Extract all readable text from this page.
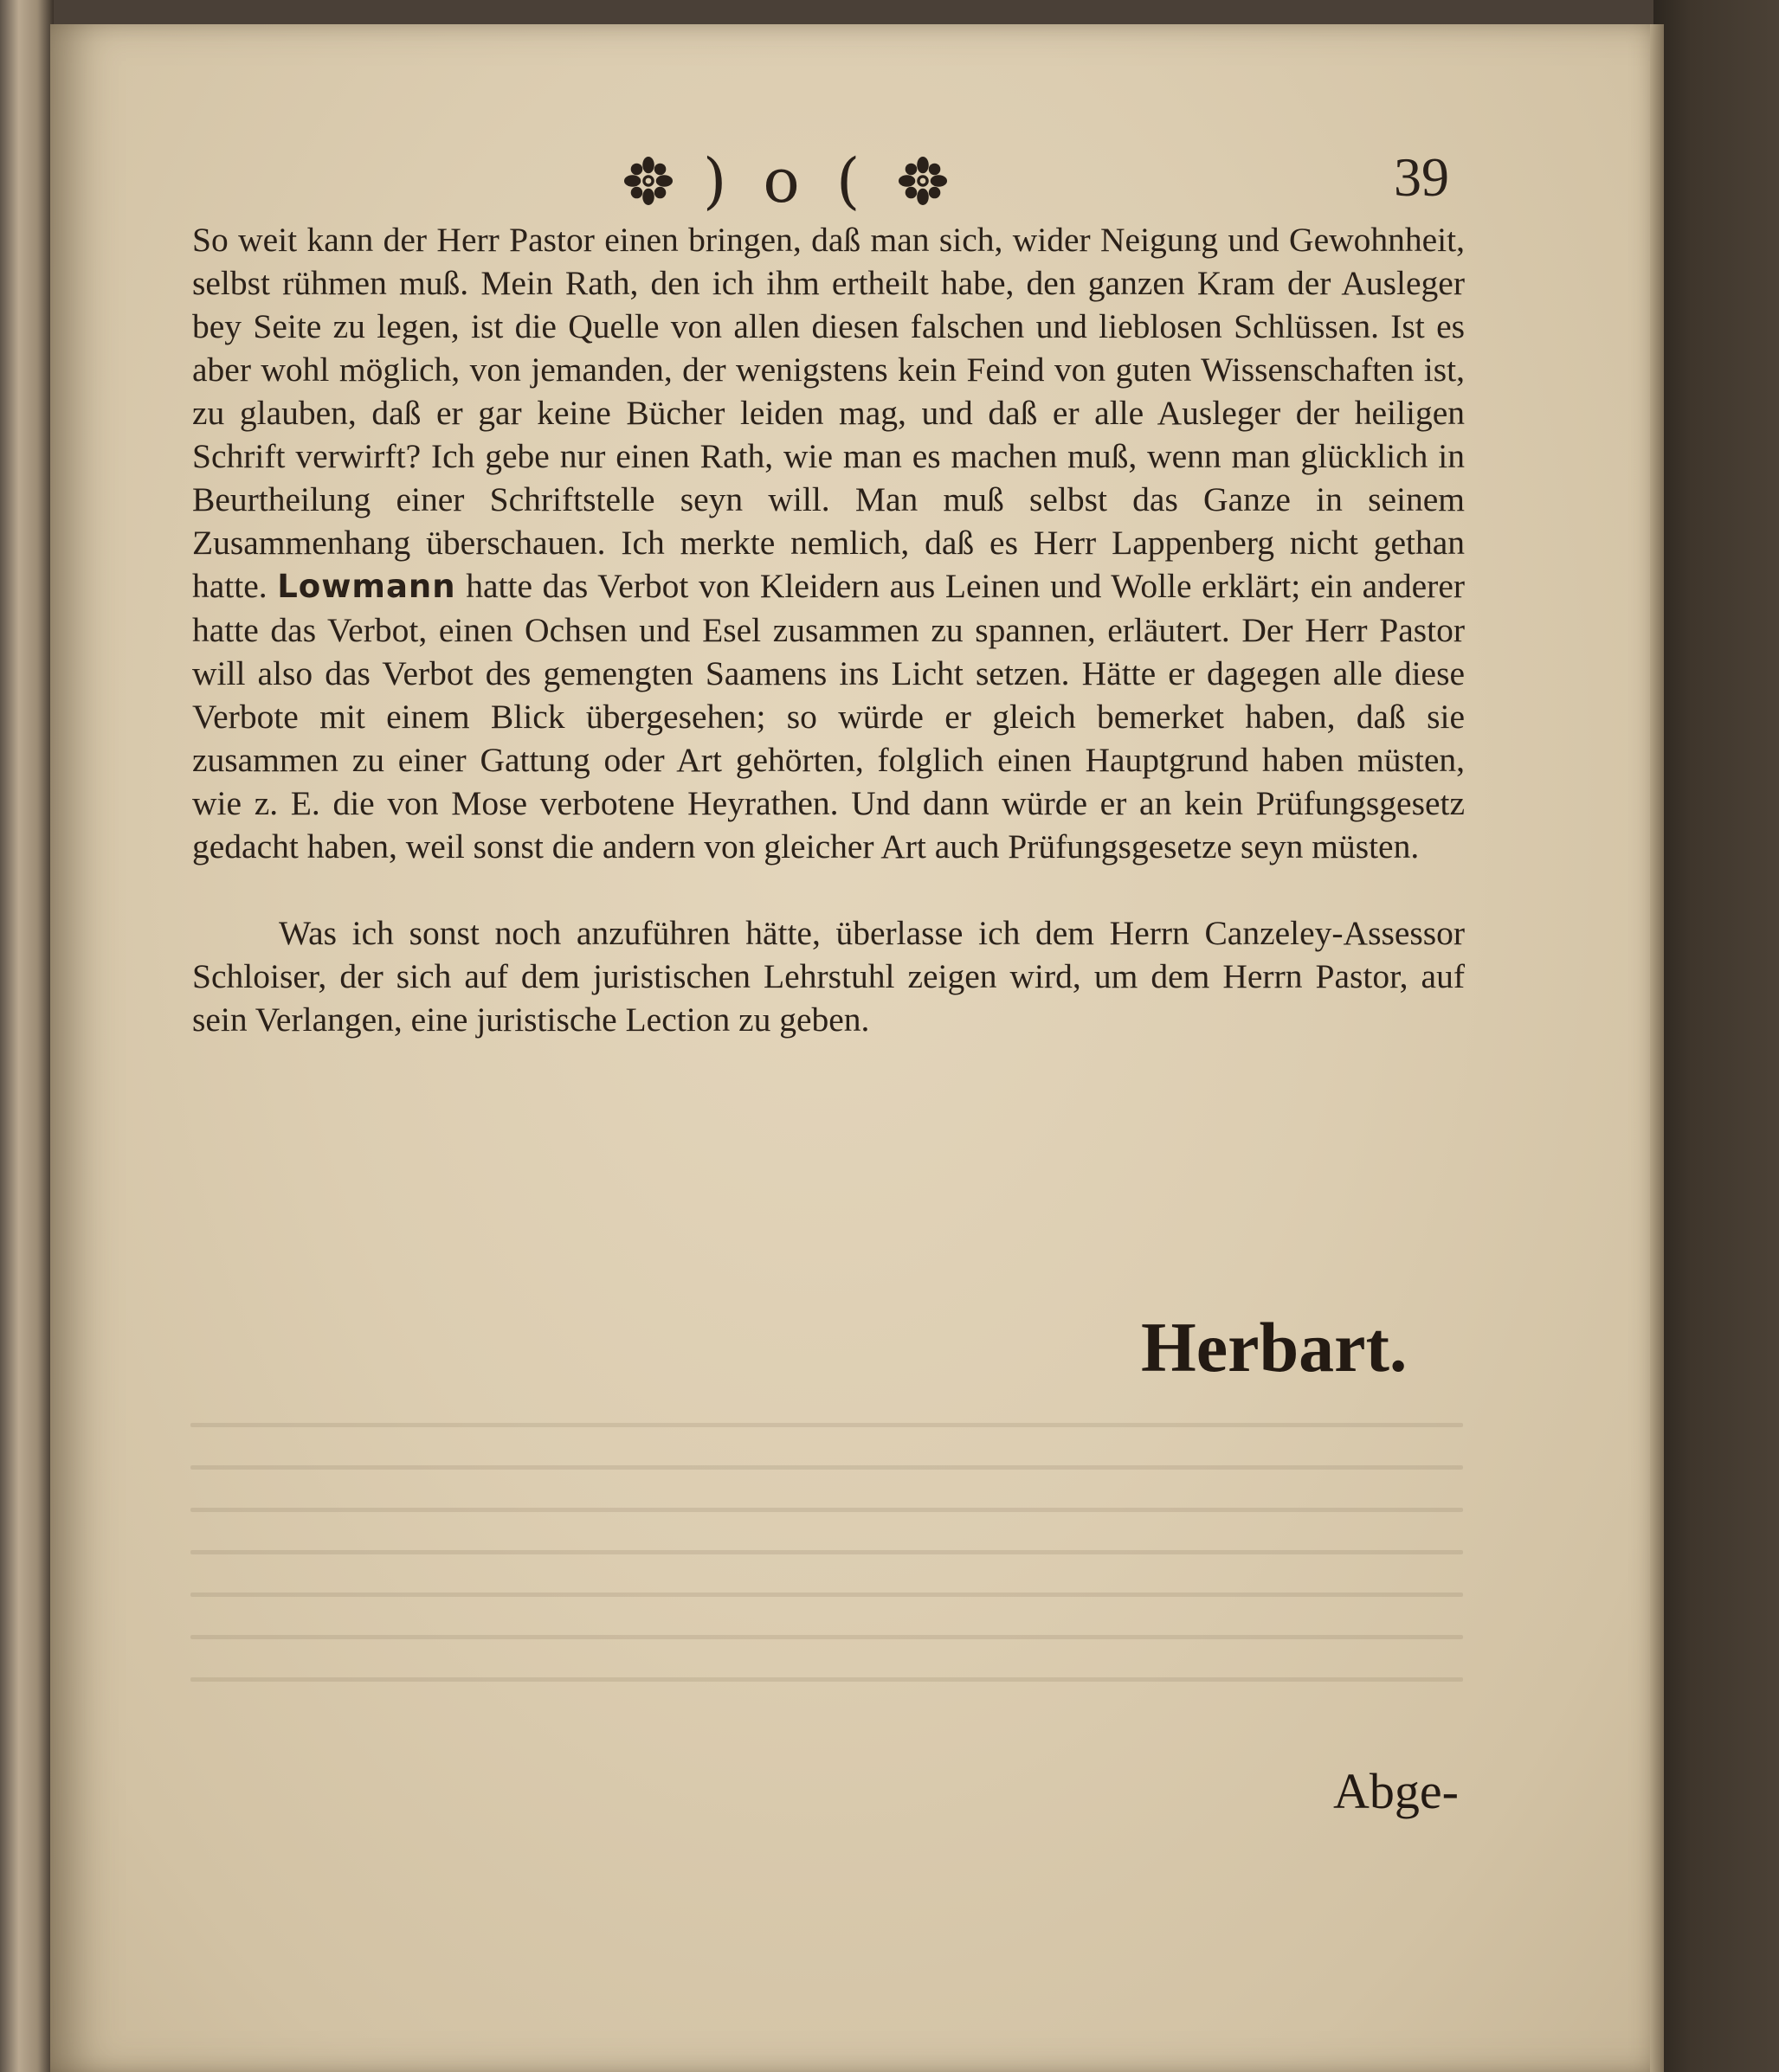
) o (	39

So weit kann der Herr Pastor einen bringen, daß man sich, wider Neigung und Gewohnheit, selbst rühmen muß. Mein Rath, den ich ihm ertheilt habe, den ganzen Kram der Ausleger bey Seite zu legen, ist die Quelle von allen diesen falschen und lieblosen Schlüssen. Ist es aber wohl möglich, von jemanden, der wenigstens kein Feind von guten Wissenschaften ist, zu glauben, daß er gar keine Bücher leiden mag, und daß er alle Ausleger der heiligen Schrift verwirft? Ich gebe nur einen Rath, wie man es machen muß, wenn man glücklich in Beurtheilung einer Schriftstelle seyn will. Man muß selbst das Ganze in seinem Zusammenhang überschauen. Ich merkte nemlich, daß es Herr Lappenberg nicht gethan hatte. Lowmann hatte das Verbot von Kleidern aus Leinen und Wolle erklärt; ein anderer hatte das Verbot, einen Ochsen und Esel zusammen zu spannen, erläutert. Der Herr Pastor will also das Verbot des gemengten Saamens ins Licht setzen. Hätte er dagegen alle diese Verbote mit einem Blick übergesehen; so würde er gleich bemerket haben, daß sie zusammen zu einer Gattung oder Art gehörten, folglich einen Hauptgrund haben müsten, wie z. E. die von Mose verbotene Heyrathen. Und dann würde er an kein Prüfungsgesetz gedacht haben, weil sonst die andern von gleicher Art auch Prüfungsgesetze seyn müsten.

Was ich sonst noch anzuführen hätte, überlasse ich dem Herrn Canzeley-Assessor Schloiser, der sich auf dem juristischen Lehrstuhl zeigen wird, um dem Herrn Pastor, auf sein Verlangen, eine juristische Lection zu geben.

Herbart.
Abge-
